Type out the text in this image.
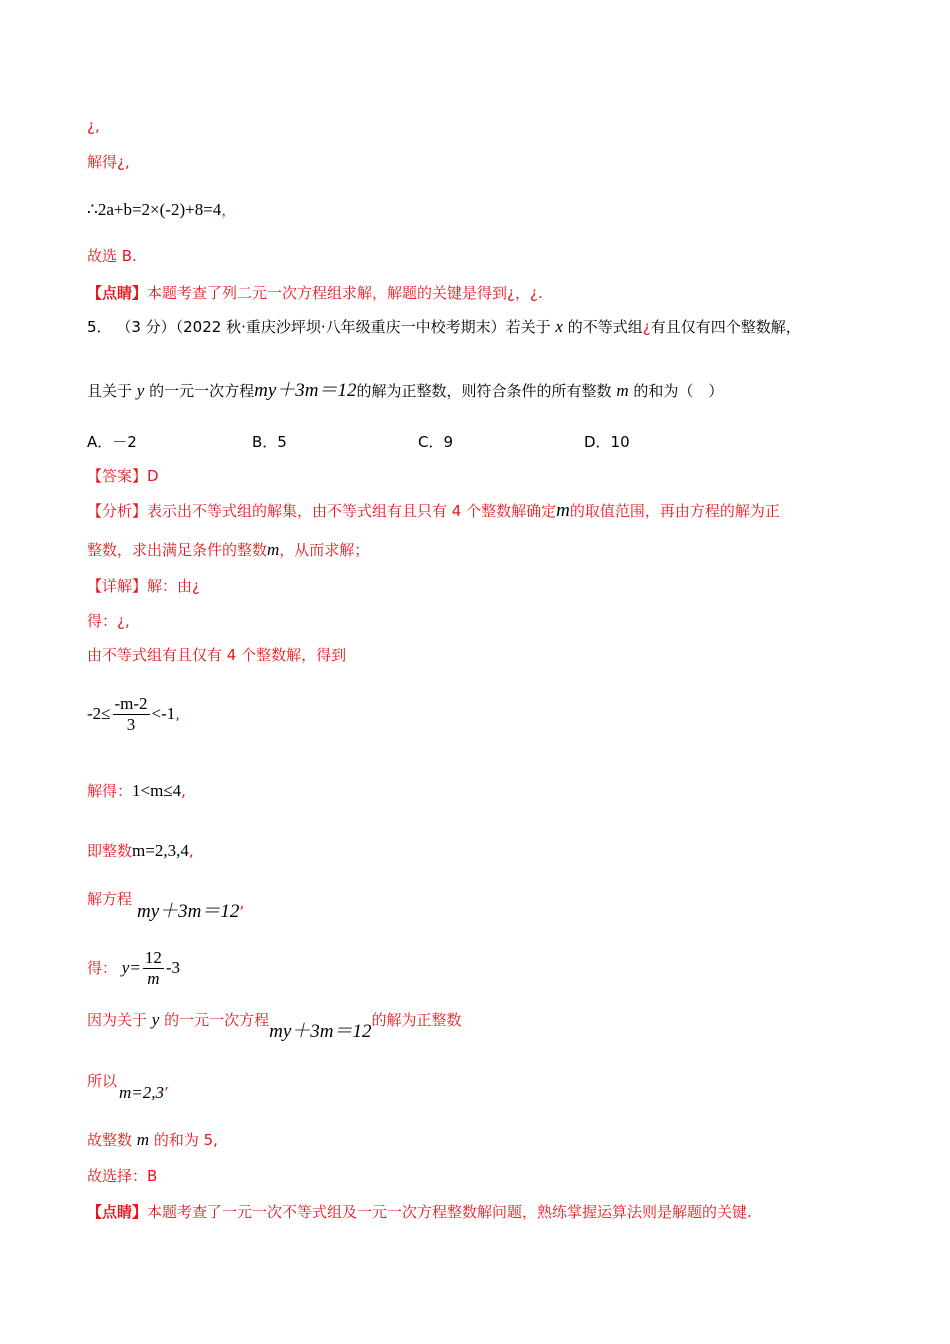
¿,
解得¿,
∴2a+b=2×(-2)+8=4，
故选 B.
【点睛】本题考查了列二元一次方程组求解，解题的关键是得到¿，¿.
5． （3 分）（2022 秋·重庆沙坪坝·八年级重庆一中校考期末）若关于 x 的不等式组¿有且仅有四个整数解，
且关于 y 的一元一次方程my＋3m＝12的解为正整数，则符合条件的所有整数 m 的和为（　）
A．－2	B．5	C．9	D．10
【答案】D
【分析】表示出不等式组的解集，由不等式组有且只有 4 个整数解确定m的取值范围，再由方程的解为正
整数，求出满足条件的整数m，从而求解；
【详解】解：由¿
得：¿,
由不等式组有且仅有 4 个整数解，得到
$-2\le \frac{-m-2}{3} <-1$,
解得：1<m≤4,
即整数m=2,3,4,
解方程
my＋3m＝12’
得： $y= \frac{12}{m} -3$
因为关于 y 的一元一次方程my＋3m＝12的解为正整数
所以
m=2,3’
故整数 m 的和为 5,
故选择：B
【点睛】本题考查了一元一次不等式组及一元一次方程整数解问题，熟练掌握运算法则是解题的关键.
